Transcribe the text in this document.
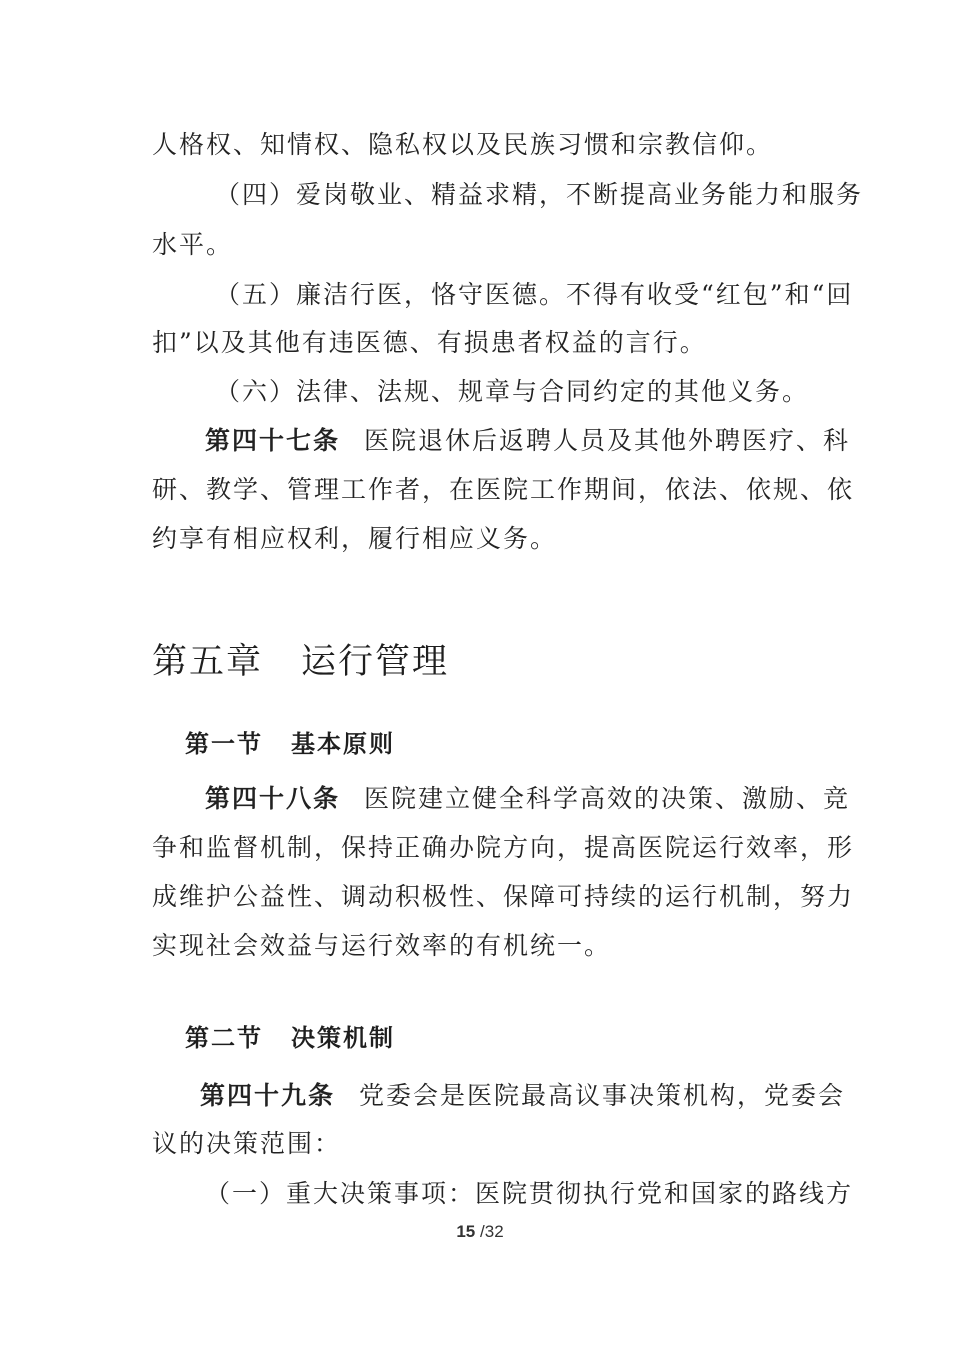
人格权、知情权、隐私权以及民族习惯和宗教信仰。
（四）爱岗敬业、精益求精，不断提高业务能力和服务
水平。
（五）廉洁行医，恪守医德。不得有收受“红包”和“回
扣”以及其他有违医德、有损患者权益的言行。
（六）法律、法规、规章与合同约定的其他义务。
第四十七条 医院退休后返聘人员及其他外聘医疗、科
研、教学、管理工作者，在医院工作期间，依法、依规、依
约享有相应权利，履行相应义务。
第五章 运行管理
第一节 基本原则
第四十八条 医院建立健全科学高效的决策、激励、竞
争和监督机制，保持正确办院方向，提高医院运行效率，形
成维护公益性、调动积极性、保障可持续的运行机制，努力
实现社会效益与运行效率的有机统一。
第二节 决策机制
第四十九条 党委会是医院最高议事决策机构，党委会
议的决策范围：
（一）重大决策事项：医院贯彻执行党和国家的路线方
15 /32
